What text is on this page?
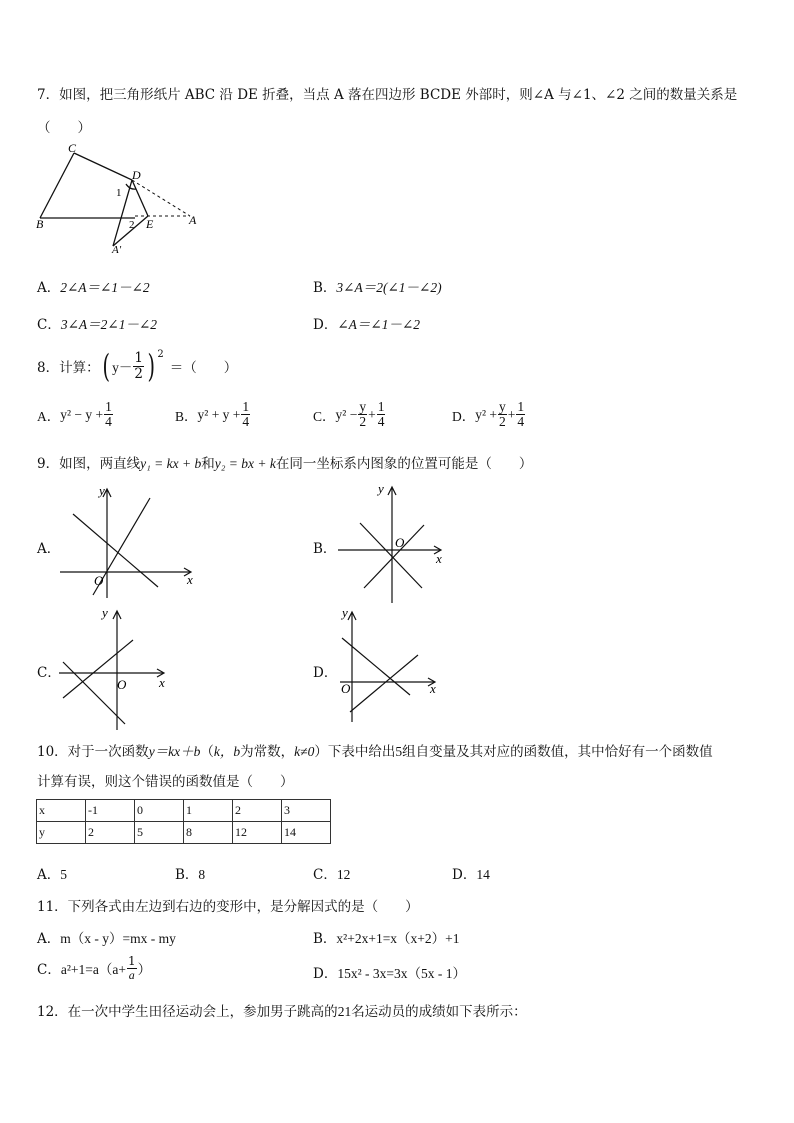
7．如图，把三角形纸片 ABC 沿 DE 折叠，当点 A 落在四边形 BCDE 外部时，则∠A 与∠1、∠2 之间的数量关系是
（　　）
C
D
1
B	2 E	A
A′
A．2∠A＝∠1－∠2	B．3∠A＝2(∠1－∠2)
C．3∠A＝2∠1－∠2	D．∠A＝∠1－∠2
8．计算： ( $y- \frac{1}{2} )^2$
＝（　　）
A． $y^2 - y + \frac{1}{4}$	B． $y^2 + y + \frac{1}{4}$	C． $y^2 - \frac{y}{2} + \frac{1}{4}$	D． $y^2 + \frac{y}{2} + \frac{1}{4}$
9．如图，两直线y₁ = kx + b和y₂ = bx + k在同一坐标系内图象的位置可能是（　　）
A．
y
x
O
B．
y
x
O
C．
y
x
O
D．
y
x
O
10．对于一次函数y＝kx＋b（k，b为常数，k≠0）下表中给出5组自变量及其对应的函数值，其中恰好有一个函数值
计算有误，则这个错误的函数值是（　　）
x	-1	0	1	2	3
y	2	5	8	12	14
A．5	B．8	C．12	D．14
11．下列各式由左边到右边的变形中，是分解因式的是（　　）
A．m（x - y）=mx - my	B．x²+2x+1=x（x+2）+1
C． $a^2+1=a(a+ \frac{1}{a}$ ）	D．15x² - 3x=3x（5x - 1）
12．在一次中学生田径运动会上，参加男子跳高的21名运动员的成绩如下表所示：
